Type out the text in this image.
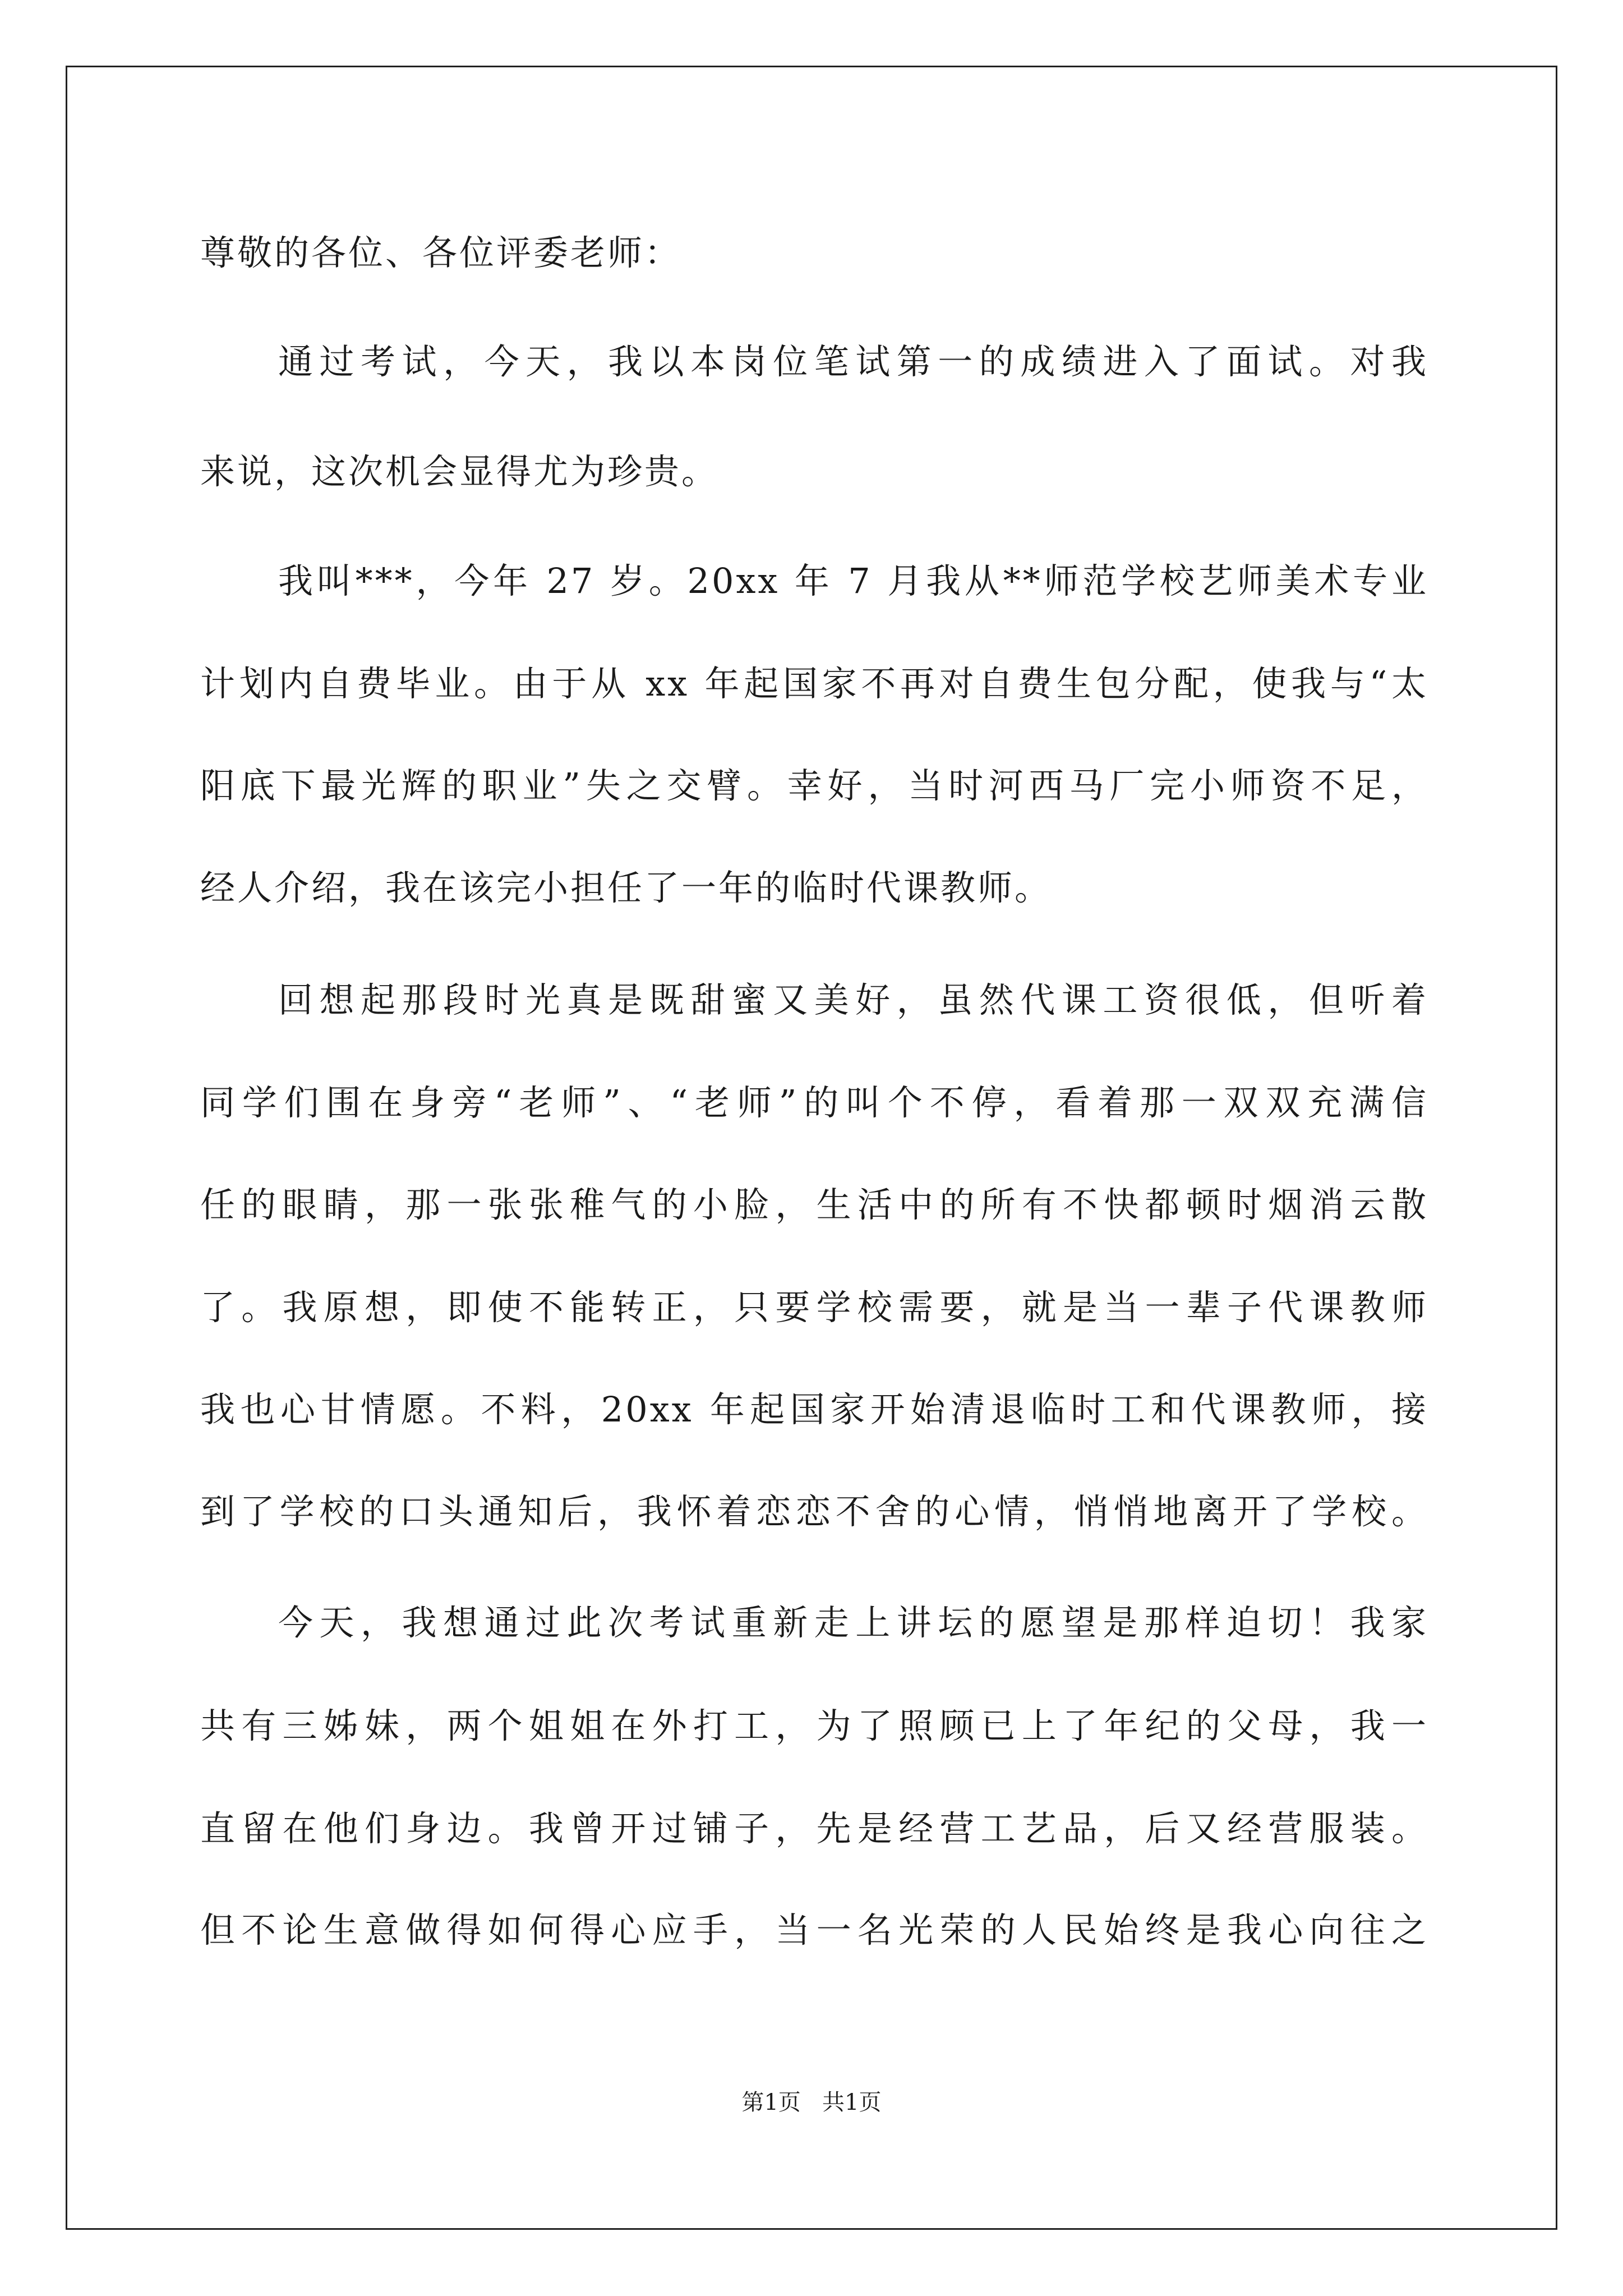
尊敬的各位、各位评委老师：
通过考试，今天，我以本岗位笔试第一的成绩进入了面试。对我
来说，这次机会显得尤为珍贵。
我叫***，今年 27 岁。20xx 年 7 月我从**师范学校艺师美术专业
计划内自费毕业。由于从 xx 年起国家不再对自费生包分配，使我与“太
阳底下最光辉的职业”失之交臂。幸好，当时河西马厂完小师资不足，
经人介绍，我在该完小担任了一年的临时代课教师。
回想起那段时光真是既甜蜜又美好，虽然代课工资很低，但听着
同学们围在身旁“老师”、“老师”的叫个不停，看着那一双双充满信
任的眼睛，那一张张稚气的小脸，生活中的所有不快都顿时烟消云散
了。我原想，即使不能转正，只要学校需要，就是当一辈子代课教师
我也心甘情愿。不料，20xx 年起国家开始清退临时工和代课教师，接
到了学校的口头通知后，我怀着恋恋不舍的心情，悄悄地离开了学校。
今天，我想通过此次考试重新走上讲坛的愿望是那样迫切！我家
共有三姊妹，两个姐姐在外打工，为了照顾已上了年纪的父母，我一
直留在他们身边。我曾开过铺子，先是经营工艺品，后又经营服装。
但不论生意做得如何得心应手，当一名光荣的人民始终是我心向往之
第1页   共1页
